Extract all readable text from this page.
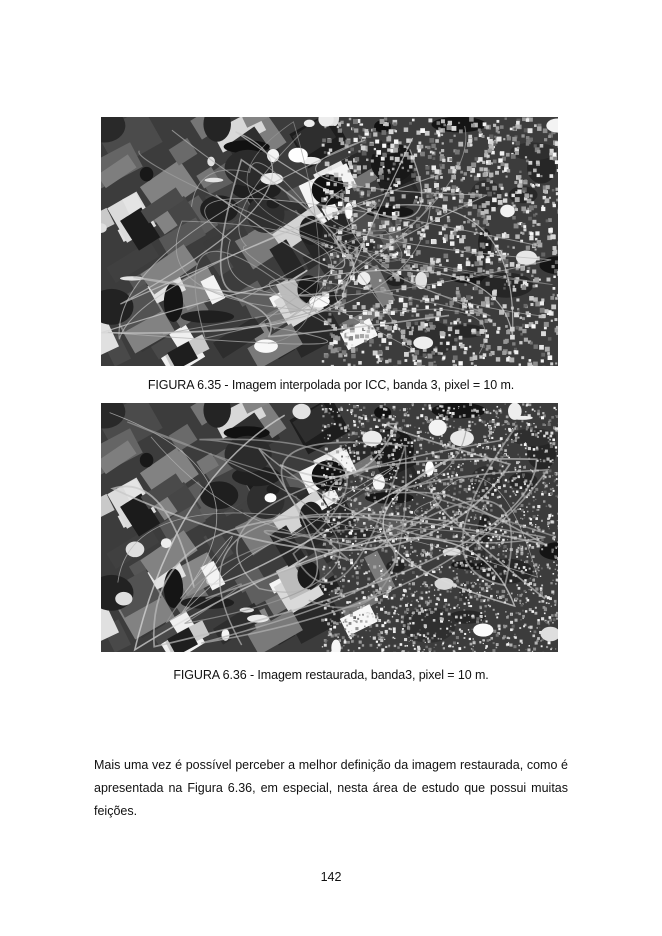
FIGURA 6.35 - Imagem interpolada por ICC, banda 3, pixel = 10 m.
FIGURA 6.36 - Imagem restaurada, banda3, pixel = 10 m.

Mais uma vez é possível perceber a melhor definição da imagem restaurada, como é apresentada na Figura 6.36, em especial, nesta área de estudo que possui muitas feições.

142
